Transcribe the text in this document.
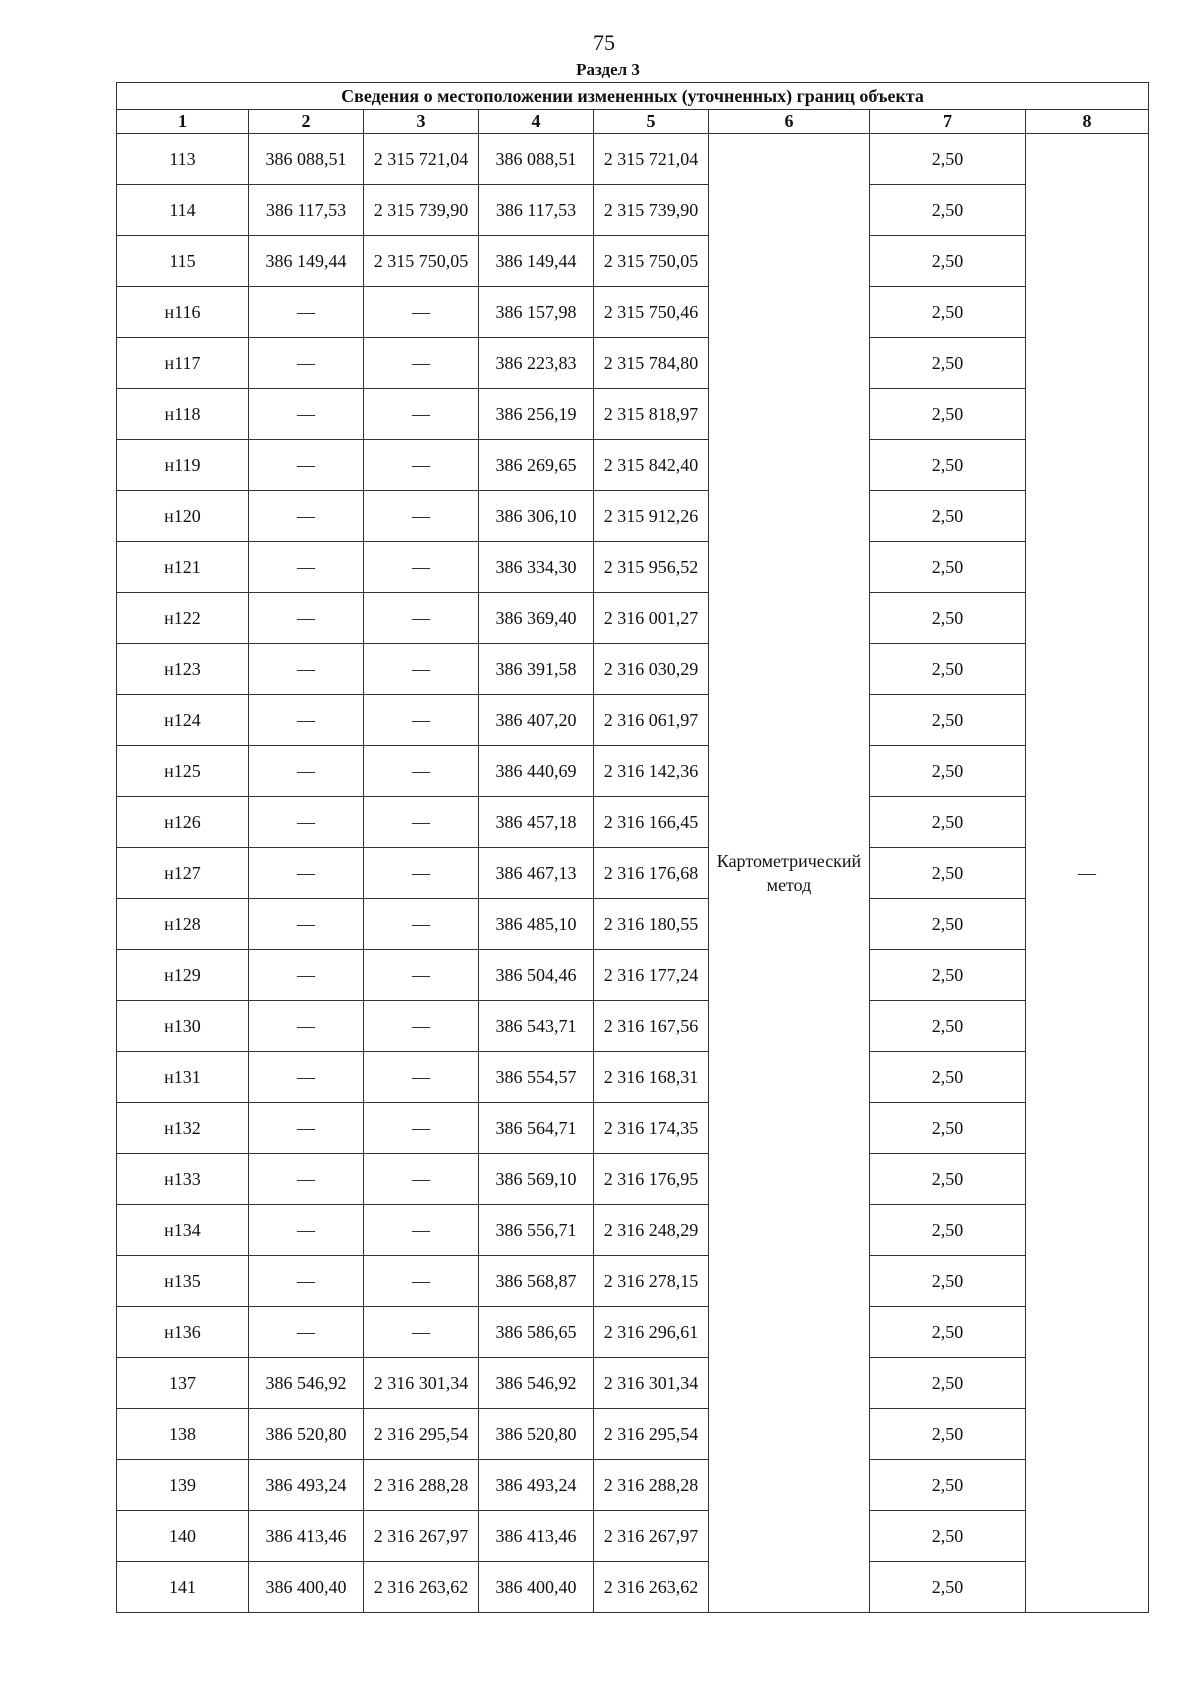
75
Раздел 3
Сведения о местоположении измененных (уточненных) границ объекта							
1	2	3	4	5	6	7	8
113	386 088,51	2 315 721,04	386 088,51	2 315 721,04	Картометрический метод	2,50	—
114	386 117,53	2 315 739,90	386 117,53	2 315 739,90		2,50	
115	386 149,44	2 315 750,05	386 149,44	2 315 750,05		2,50	
н116	—	—	386 157,98	2 315 750,46		2,50	
н117	—	—	386 223,83	2 315 784,80		2,50	
н118	—	—	386 256,19	2 315 818,97		2,50	
н119	—	—	386 269,65	2 315 842,40		2,50	
н120	—	—	386 306,10	2 315 912,26		2,50	
н121	—	—	386 334,30	2 315 956,52		2,50	
н122	—	—	386 369,40	2 316 001,27		2,50	
н123	—	—	386 391,58	2 316 030,29		2,50	
н124	—	—	386 407,20	2 316 061,97		2,50	
н125	—	—	386 440,69	2 316 142,36		2,50	
н126	—	—	386 457,18	2 316 166,45		2,50	
н127	—	—	386 467,13	2 316 176,68		2,50	
н128	—	—	386 485,10	2 316 180,55		2,50	
н129	—	—	386 504,46	2 316 177,24		2,50	
н130	—	—	386 543,71	2 316 167,56		2,50	
н131	—	—	386 554,57	2 316 168,31		2,50	
н132	—	—	386 564,71	2 316 174,35		2,50	
н133	—	—	386 569,10	2 316 176,95		2,50	
н134	—	—	386 556,71	2 316 248,29		2,50	
н135	—	—	386 568,87	2 316 278,15		2,50	
н136	—	—	386 586,65	2 316 296,61		2,50	
137	386 546,92	2 316 301,34	386 546,92	2 316 301,34		2,50	
138	386 520,80	2 316 295,54	386 520,80	2 316 295,54		2,50	
139	386 493,24	2 316 288,28	386 493,24	2 316 288,28		2,50	
140	386 413,46	2 316 267,97	386 413,46	2 316 267,97		2,50	
141	386 400,40	2 316 263,62	386 400,40	2 316 263,62		2,50	
